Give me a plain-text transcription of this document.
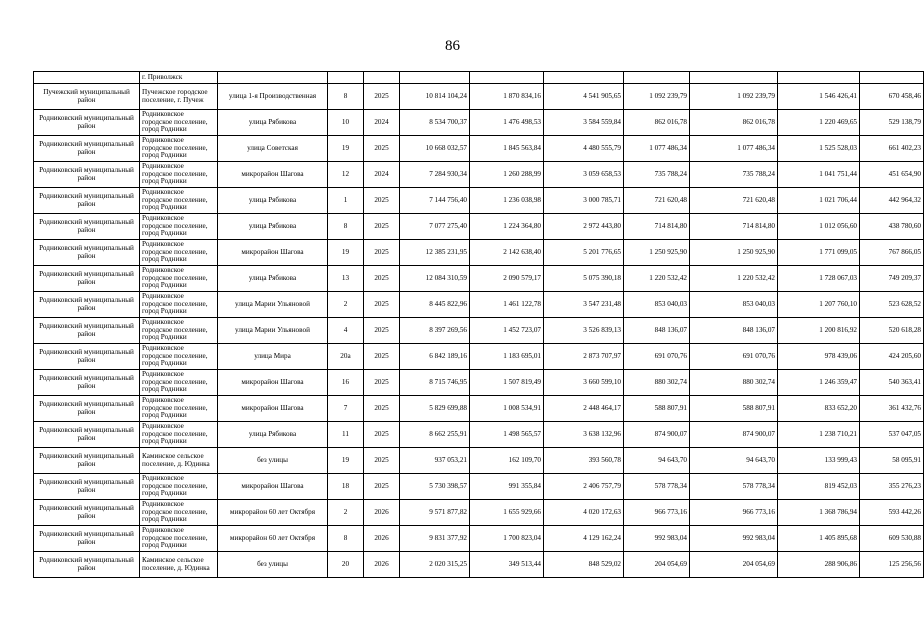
86
	г. Приволжск										
Пучежский муниципальный район	Пучежское городское поселение, г. Пучеж	улица 1-я Производственная	8	2025	10 814 104,24	1 870 834,16	4 541 905,65	1 092 239,79	1 092 239,79	1 546 426,41	670 458,46
Родниковский муниципальный район	Родниковское городское поселение, город Родники	улица Рябикова	10	2024	8 534 700,37	1 476 498,53	3 584 559,84	862 016,78	862 016,78	1 220 469,65	529 138,79
Родниковский муниципальный район	Родниковское городское поселение, город Родники	улица Советская	19	2025	10 668 032,57	1 845 563,84	4 480 555,79	1 077 486,34	1 077 486,34	1 525 528,03	661 402,23
Родниковский муниципальный район	Родниковское городское поселение, город Родники	микрорайон Шагова	12	2024	7 284 930,34	1 260 288,99	3 059 658,53	735 788,24	735 788,24	1 041 751,44	451 654,90
Родниковский муниципальный район	Родниковское городское поселение, город Родники	улица Рябикова	1	2025	7 144 756,40	1 236 038,98	3 000 785,71	721 620,48	721 620,48	1 021 706,44	442 964,32
Родниковский муниципальный район	Родниковское городское поселение, город Родники	улица Рябикова	8	2025	7 077 275,40	1 224 364,80	2 972 443,80	714 814,80	714 814,80	1 012 056,60	438 780,60
Родниковский муниципальный район	Родниковское городское поселение, город Родники	микрорайон Шагова	19	2025	12 385 231,95	2 142 638,40	5 201 776,65	1 250 925,90	1 250 925,90	1 771 099,05	767 866,05
Родниковский муниципальный район	Родниковское городское поселение, город Родники	улица Рябикова	13	2025	12 084 310,59	2 090 579,17	5 075 390,18	1 220 532,42	1 220 532,42	1 728 067,03	749 209,37
Родниковский муниципальный район	Родниковское городское поселение, город Родники	улица Марии Ульяновой	2	2025	8 445 822,96	1 461 122,78	3 547 231,48	853 040,03	853 040,03	1 207 760,10	523 628,52
Родниковский муниципальный район	Родниковское городское поселение, город Родники	улица Марии Ульяновой	4	2025	8 397 269,56	1 452 723,07	3 526 839,13	848 136,07	848 136,07	1 200 816,92	520 618,28
Родниковский муниципальный район	Родниковское городское поселение, город Родники	улица Мира	20а	2025	6 842 189,16	1 183 695,01	2 873 707,97	691 070,76	691 070,76	978 439,06	424 205,60
Родниковский муниципальный район	Родниковское городское поселение, город Родники	микрорайон Шагова	16	2025	8 715 746,95	1 507 819,49	3 660 599,10	880 302,74	880 302,74	1 246 359,47	540 363,41
Родниковский муниципальный район	Родниковское городское поселение, город Родники	микрорайон Шагова	7	2025	5 829 699,88	1 008 534,91	2 448 464,17	588 807,91	588 807,91	833 652,20	361 432,76
Родниковский муниципальный район	Родниковское городское поселение, город Родники	улица Рябикова	11	2025	8 662 255,91	1 498 565,57	3 638 132,96	874 900,07	874 900,07	1 238 710,21	537 047,05
Родниковский муниципальный район	Каминское сельское поселение, д. Юдинка	без улицы	19	2025	937 053,21	162 109,70	393 560,78	94 643,70	94 643,70	133 999,43	58 095,91
Родниковский муниципальный район	Родниковское городское поселение, город Родники	микрорайон Шагова	18	2025	5 730 398,57	991 355,84	2 406 757,79	578 778,34	578 778,34	819 452,03	355 276,23
Родниковский муниципальный район	Родниковское городское поселение, город Родники	микрорайон 60 лет Октября	2	2026	9 571 877,82	1 655 929,66	4 020 172,63	966 773,16	966 773,16	1 368 786,94	593 442,26
Родниковский муниципальный район	Родниковское городское поселение, город Родники	микрорайон 60 лет Октября	8	2026	9 831 377,92	1 700 823,04	4 129 162,24	992 983,04	992 983,04	1 405 895,68	609 530,88
Родниковский муниципальный район	Каминское сельское поселение, д. Юдинка	без улицы	20	2026	2 020 315,25	349 513,44	848 529,02	204 054,69	204 054,69	288 906,86	125 256,56
